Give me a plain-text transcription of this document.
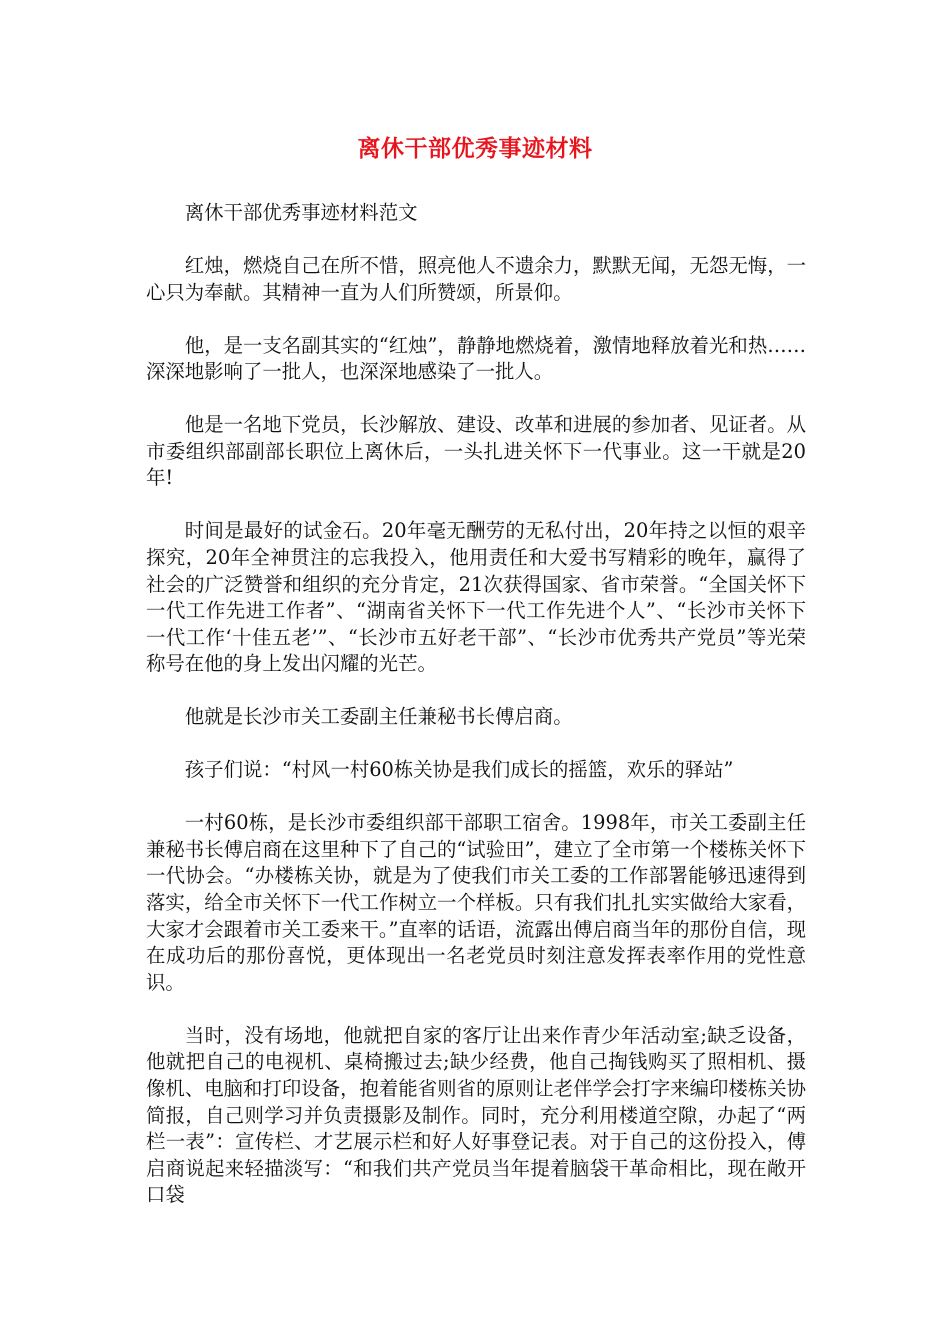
离休干部优秀事迹材料

离休干部优秀事迹材料范文

红烛，燃烧自己在所不惜，照亮他人不遗余力，默默无闻，无怨无悔，一心只为奉献。其精神一直为人们所赞颂，所景仰。

他，是一支名副其实的“红烛”，静静地燃烧着，激情地释放着光和热……深深地影响了一批人，也深深地感染了一批人。

他是一名地下党员，长沙解放、建设、改革和进展的参加者、见证者。从市委组织部副部长职位上离休后，一头扎进关怀下一代事业。这一干就是20年!

时间是最好的试金石。20年毫无酬劳的无私付出，20年持之以恒的艰辛探究，20年全神贯注的忘我投入，他用责任和大爱书写精彩的晚年，赢得了社会的广泛赞誉和组织的充分肯定，21次获得国家、省市荣誉。“全国关怀下一代工作先进工作者”、“湖南省关怀下一代工作先进个人”、“长沙市关怀下一代工作‘十佳五老’”、“长沙市五好老干部”、“长沙市优秀共产党员”等光荣称号在他的身上发出闪耀的光芒。

他就是长沙市关工委副主任兼秘书长傅启商。

孩子们说：“村风一村60栋关协是我们成长的摇篮，欢乐的驿站”

一村60栋，是长沙市委组织部干部职工宿舍。1998年，市关工委副主任兼秘书长傅启商在这里种下了自己的“试验田”，建立了全市第一个楼栋关怀下一代协会。“办楼栋关协，就是为了使我们市关工委的工作部署能够迅速得到落实，给全市关怀下一代工作树立一个样板。只有我们扎扎实实做给大家看，大家才会跟着市关工委来干。”直率的话语，流露出傅启商当年的那份自信，现在成功后的那份喜悦，更体现出一名老党员时刻注意发挥表率作用的党性意识。

当时，没有场地，他就把自家的客厅让出来作青少年活动室;缺乏设备，他就把自己的电视机、桌椅搬过去;缺少经费，他自己掏钱购买了照相机、摄像机、电脑和打印设备，抱着能省则省的原则让老伴学会打字来编印楼栋关协简报，自己则学习并负责摄影及制作。同时，充分利用楼道空隙，办起了“两栏一表”：宣传栏、才艺展示栏和好人好事登记表。对于自己的这份投入，傅启商说起来轻描淡写：“和我们共产党员当年提着脑袋干革命相比，现在敞开口袋
